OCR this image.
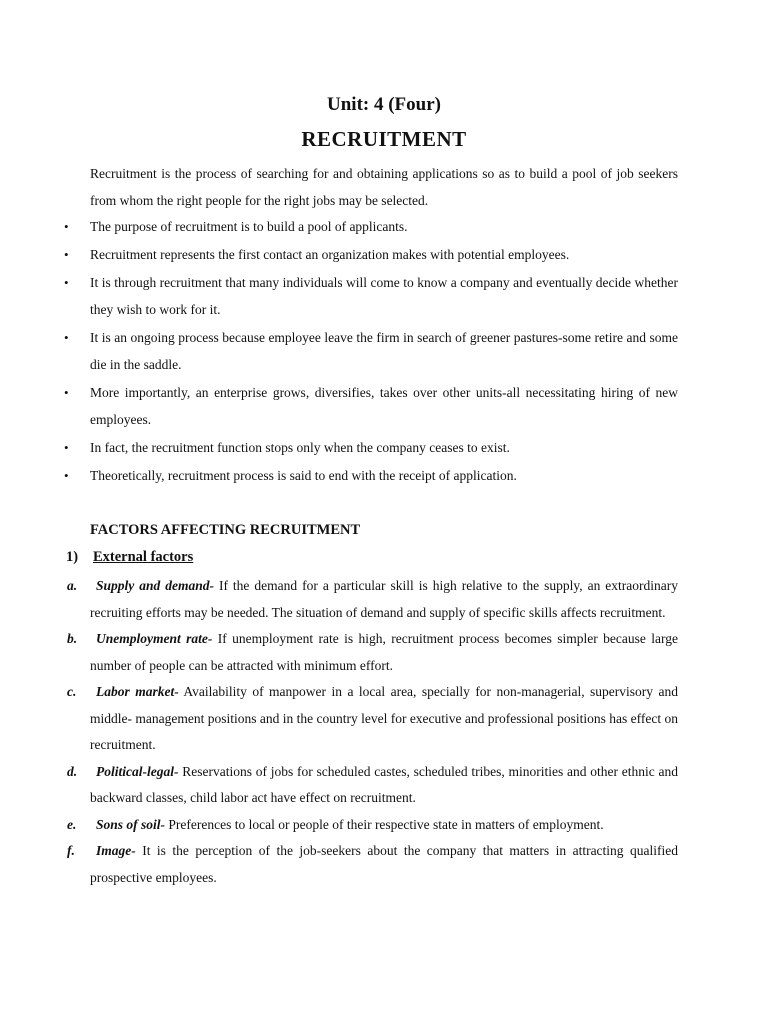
Unit: 4 (Four)
RECRUITMENT
Recruitment is the process of searching for and obtaining applications so as to build a pool of job seekers from whom the right people for the right jobs may be selected.
• The purpose of recruitment is to build a pool of applicants.
• Recruitment represents the first contact an organization makes with potential employees.
• It is through recruitment that many individuals will come to know a company and eventually decide whether they wish to work for it.
• It is an ongoing process because employee leave the firm in search of greener pastures-some retire and some die in the saddle.
• More importantly, an enterprise grows, diversifies, takes over other units-all necessitating hiring of new employees.
• In fact, the recruitment function stops only when the company ceases to exist.
• Theoretically, recruitment process is said to end with the receipt of application.
FACTORS AFFECTING RECRUITMENT
1) External factors
a. Supply and demand- If the demand for a particular skill is high relative to the supply, an extraordinary recruiting efforts may be needed. The situation of demand and supply of specific skills affects recruitment.
b. Unemployment rate- If unemployment rate is high, recruitment process becomes simpler because large number of people can be attracted with minimum effort.
c. Labor market- Availability of manpower in a local area, specially for non-managerial, supervisory and middle- management positions and in the country level for executive and professional positions has effect on recruitment.
d. Political-legal- Reservations of jobs for scheduled castes, scheduled tribes, minorities and other ethnic and backward classes, child labor act have effect on recruitment.
e. Sons of soil- Preferences to local or people of their respective state in matters of employment.
f. Image- It is the perception of the job-seekers about the company that matters in attracting qualified prospective employees.
